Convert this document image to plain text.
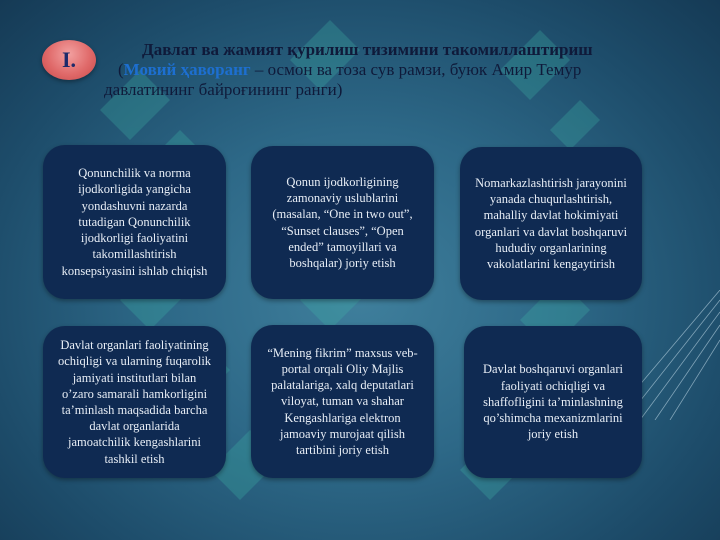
I.	Давлат ва жамият қурилиш тизимини такомиллаштириш
(Мовий ҳаворанг – осмон ва тоза сув рамзи, буюк Амир Темур
давлатининг байроғининг ранги)
Qonunchilik va norma ijodkorligida yangicha yondashuvni nazarda tutadigan Qonunchilik ijodkorligi faoliyatini takomillashtirish konsepsiyasini ishlab chiqish
Qonun ijodkorligining zamonaviy uslublarini (masalan, “One in two out”, “Sunset clauses”, “Open ended” tamoyillari va boshqalar) joriy etish
Nomarkazlashtirish jarayonini yanada chuqurlashtirish, mahalliy davlat hokimiyati organlari va davlat boshqaruvi hududiy organlarining vakolatlarini kengaytirish
Davlat organlari faoliyatining ochiqligi va ularning fuqarolik jamiyati institutlari bilan o’zaro samarali hamkorligini ta’minlash maqsadida barcha davlat organlarida jamoatchilik kengashlarini tashkil etish
“Mening fikrim” maxsus veb-portal orqali Oliy Majlis palatalariga, xalq deputatlari viloyat, tuman va shahar Kengashlariga elektron jamoaviy murojaat qilish tartibini joriy etish
Davlat boshqaruvi organlari faoliyati ochiqligi va shaffofligini ta’minlashning qo’shimcha mexanizmlarini joriy etish
